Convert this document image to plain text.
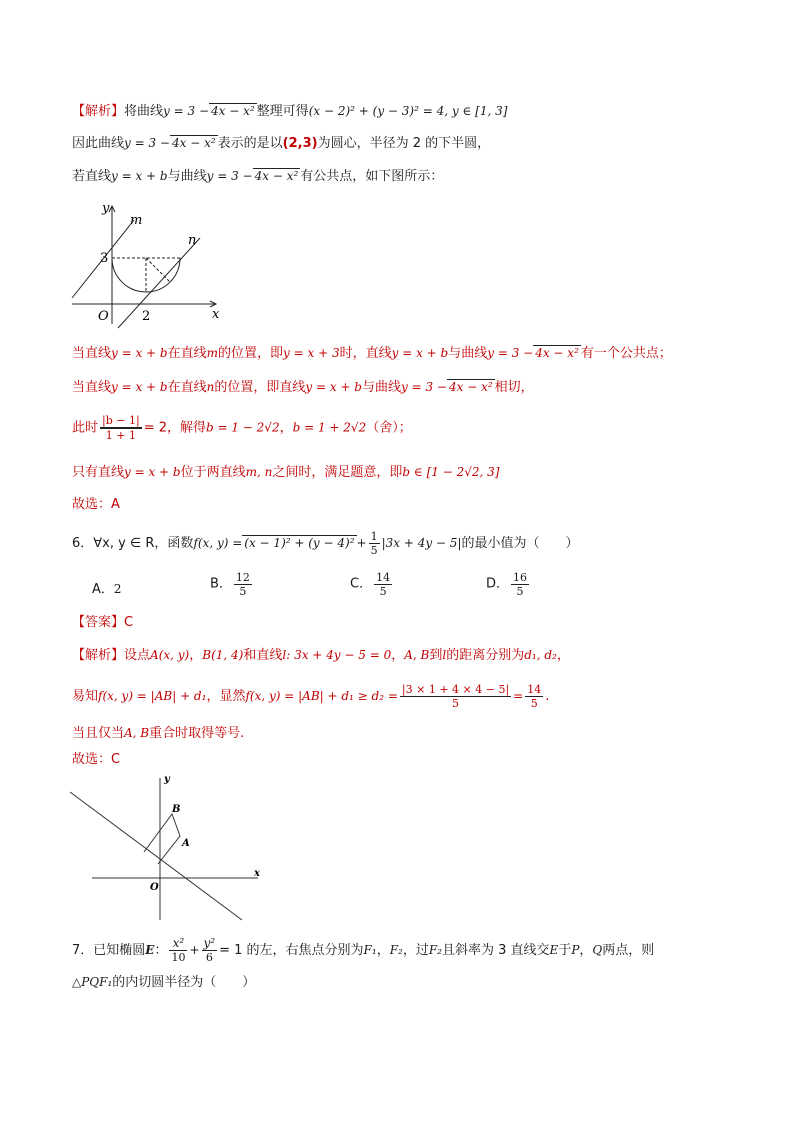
【解析】将曲线y = 3 − 4x − x² 整理可得(x − 2)² + (y − 3)² = 4, y ∈ [1, 3]
因此曲线y = 3 − 4x − x² 表示的是以(2,3)为圆心，半径为 2 的下半圆，
若直线y = x + b与曲线y = 3 − 4x − x² 有公共点，如下图所示：
y
x
O
3
2
m
n
当直线y = x + b在直线m的位置，即y = x + 3时，直线y = x + b与曲线y = 3 − 4x − x² 有一个公共点；
当直线y = x + b在直线n的位置，即直线y = x + b与曲线y = 3 − 4x − x² 相切，
此时 $\frac{|b - 1|}{1 + 1} = 2$，解得b = 1 − 2√2，b = 1 + 2√2（舍）；
只有直线y = x + b位于两直线m, n之间时，满足题意，即b ∈ [1 − 2√2, 3]
故选：A
6．∀x, y ∈ R，函数f(x, $y) = (x - 1)^2 + (y - 4)^2 + \frac{1}{5} |3x + 4y - 5|$的最小值为（　　）
A．2	B． $\frac{12}{5}$	C． $\frac{14}{5}$	D． $\frac{16}{5}$
【答案】C
【解析】设点A(x, y)，B(1, 4)和直线l: 3x + 4y − 5 = 0，A, B到l的距离分别为d₁, d₂，
易知f(x, y) = |AB| + d₁，显然f(x, $y) = |AB| + d_1 \ge d_2 = \frac{|3 \times 1 + 4 \times 4 - 5|}{5} = \frac{14}{5}$ .
当且仅当A, B重合时取得等号.
故选：C
y
x
O
B
A
7．已知椭圆E： $\frac{\text{x²}}{10} + \frac{\text{y²}}{6} = 1$ 的左，右焦点分别为F₁，F₂，过F₂且斜率为 3 直线交E于P，Q两点，则
△PQF₁的内切圆半径为（　　）
